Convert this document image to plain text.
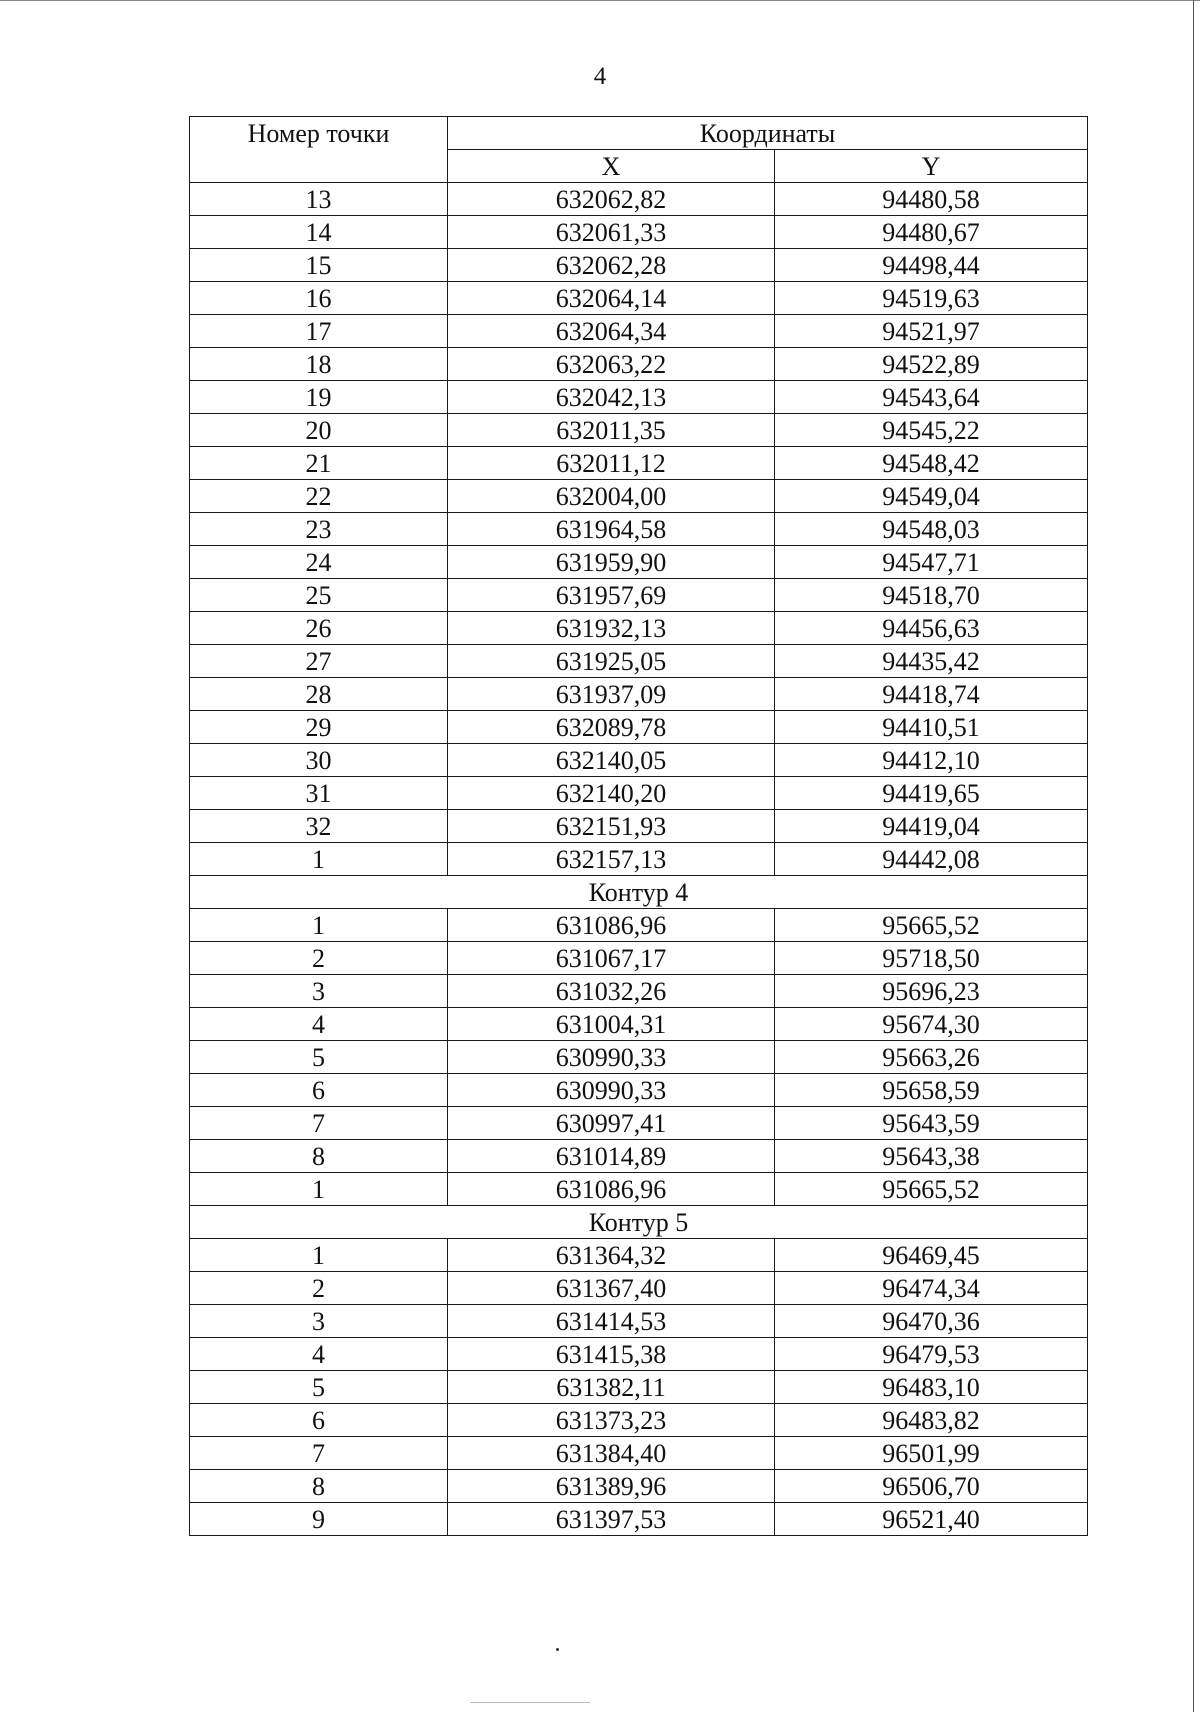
4
Номер точки	Координаты	
	X	Y
13	632062,82	94480,58
14	632061,33	94480,67
15	632062,28	94498,44
16	632064,14	94519,63
17	632064,34	94521,97
18	632063,22	94522,89
19	632042,13	94543,64
20	632011,35	94545,22
21	632011,12	94548,42
22	632004,00	94549,04
23	631964,58	94548,03
24	631959,90	94547,71
25	631957,69	94518,70
26	631932,13	94456,63
27	631925,05	94435,42
28	631937,09	94418,74
29	632089,78	94410,51
30	632140,05	94412,10
31	632140,20	94419,65
32	632151,93	94419,04
1	632157,13	94442,08
Контур 4		
1	631086,96	95665,52
2	631067,17	95718,50
3	631032,26	95696,23
4	631004,31	95674,30
5	630990,33	95663,26
6	630990,33	95658,59
7	630997,41	95643,59
8	631014,89	95643,38
1	631086,96	95665,52
Контур 5		
1	631364,32	96469,45
2	631367,40	96474,34
3	631414,53	96470,36
4	631415,38	96479,53
5	631382,11	96483,10
6	631373,23	96483,82
7	631384,40	96501,99
8	631389,96	96506,70
9	631397,53	96521,40
